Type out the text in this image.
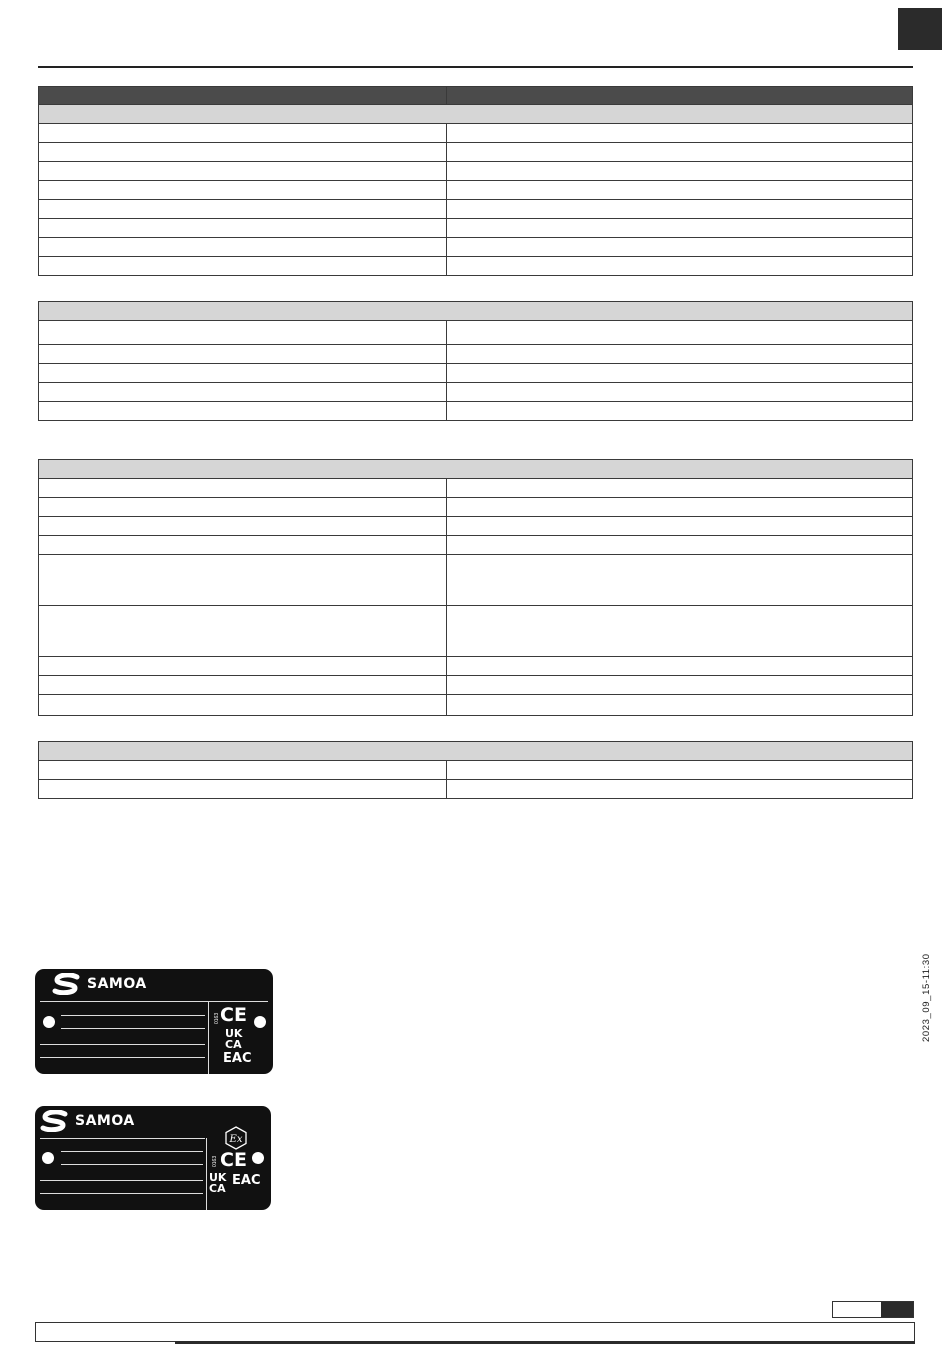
2023_09_15-11:30
SAMOA
0163 CE
UKCA
EAC
SAMOA
Ex
0163 CE
UKCA
EAC
